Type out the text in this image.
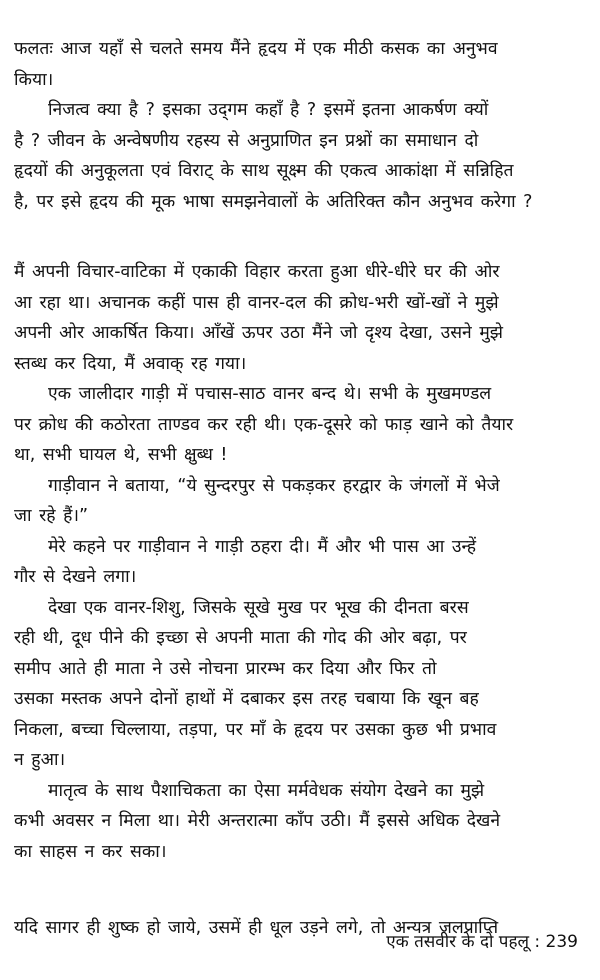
फलतः आज यहाँ से चलते समय मैंने हृदय में एक मीठी कसक का अनुभव
किया।
निजत्व क्या है ? इसका उद्‌गम कहाँ है ? इसमें इतना आकर्षण क्यों
है ? जीवन के अन्वेषणीय रहस्य से अनुप्राणित इन प्रश्नों का समाधान दो
हृदयों की अनुकूलता एवं विराट्‌ के साथ सूक्ष्म की एकत्व आकांक्षा में सन्निहित
है, पर इसे हृदय की मूक भाषा समझनेवालों के अतिरिक्त कौन अनुभव करेगा ?
मैं अपनी विचार-वाटिका में एकाकी विहार करता हुआ धीरे-धीरे घर की ओर
आ रहा था। अचानक कहीं पास ही वानर-दल की क्रोध-भरी खों-खों ने मुझे
अपनी ओर आकर्षित किया। आँखें ऊपर उठा मैंने जो दृश्य देखा, उसने मुझे
स्तब्ध कर दिया, मैं अवाक्‌ रह गया।
एक जालीदार गाड़ी में पचास-साठ वानर बन्द थे। सभी के मुखमण्डल
पर क्रोध की कठोरता ताण्डव कर रही थी। एक-दूसरे को फाड़ खाने को तैयार
था, सभी घायल थे, सभी क्षुब्ध !
गाड़ीवान ने बताया, “ये सुन्दरपुर से पकड़कर हरद्वार के जंगलों में भेजे
जा रहे हैं।”
मेरे कहने पर गाड़ीवान ने गाड़ी ठहरा दी। मैं और भी पास आ उन्हें
गौर से देखने लगा।
देखा एक वानर-शिशु, जिसके सूखे मुख पर भूख की दीनता बरस
रही थी, दूध पीने की इच्छा से अपनी माता की गोद की ओर बढ़ा, पर
समीप आते ही माता ने उसे नोचना प्रारम्भ कर दिया और फिर तो
उसका मस्तक अपने दोनों हाथों में दबाकर इस तरह चबाया कि खून बह
निकला, बच्चा चिल्लाया, तड़पा, पर माँ के हृदय पर उसका कुछ भी प्रभाव
न हुआ।
मातृत्व के साथ पैशाचिकता का ऐसा मर्मवेधक संयोग देखने का मुझे
कभी अवसर न मिला था। मेरी अन्तरात्मा काँप उठी। मैं इससे अधिक देखने
का साहस न कर सका।
यदि सागर ही शुष्क हो जाये, उसमें ही धूल उड़ने लगे, तो अन्यत्र जलप्राप्ति
एक तसवीर के दो पहलू : 239
